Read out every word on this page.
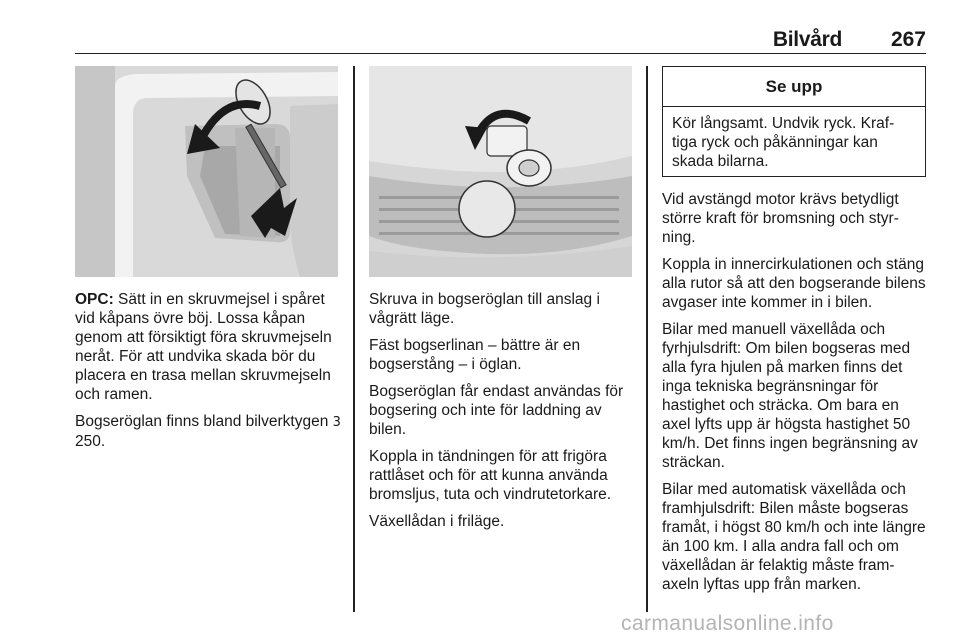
Bilvård 267

OPC: Sätt in en skruvmejsel i spåret vid kåpans övre böj. Lossa kåpan genom att försiktigt föra skruvmejseln neråt. För att undvika skada bör du placera en trasa mellan skruvmejseln och ramen.

Bogseröglan finns bland bilverktygen 3 250.

Skruva in bogseröglan till anslag i vågrätt läge.

Fäst bogserlinan – bättre är en bogserstång – i öglan.

Bogseröglan får endast användas för bogsering och inte för laddning av bilen.

Koppla in tändningen för att frigöra rattlåset och för att kunna använda bromsljus, tuta och vindrutetorkare.

Växellådan i friläge.

Se upp
Kör långsamt. Undvik ryck. Kraf-tiga ryck och påkänningar kan skada bilarna.

Vid avstängd motor krävs betydligt större kraft för bromsning och styr-ning.

Koppla in innercirkulationen och stäng alla rutor så att den bogserande bilens avgaser inte kommer in i bilen.

Bilar med manuell växellåda och fyrhjulsdrift: Om bilen bogseras med alla fyra hjulen på marken finns det inga tekniska begränsningar för hastighet och sträcka. Om bara en axel lyfts upp är högsta hastighet 50 km/h. Det finns ingen begränsning av sträckan.

Bilar med automatisk växellåda och framhjulsdrift: Bilen måste bogseras framåt, i högst 80 km/h och inte längre än 100 km. I alla andra fall och om växellådan är felaktig måste fram-axeln lyftas upp från marken.

carmanualsonline.info
